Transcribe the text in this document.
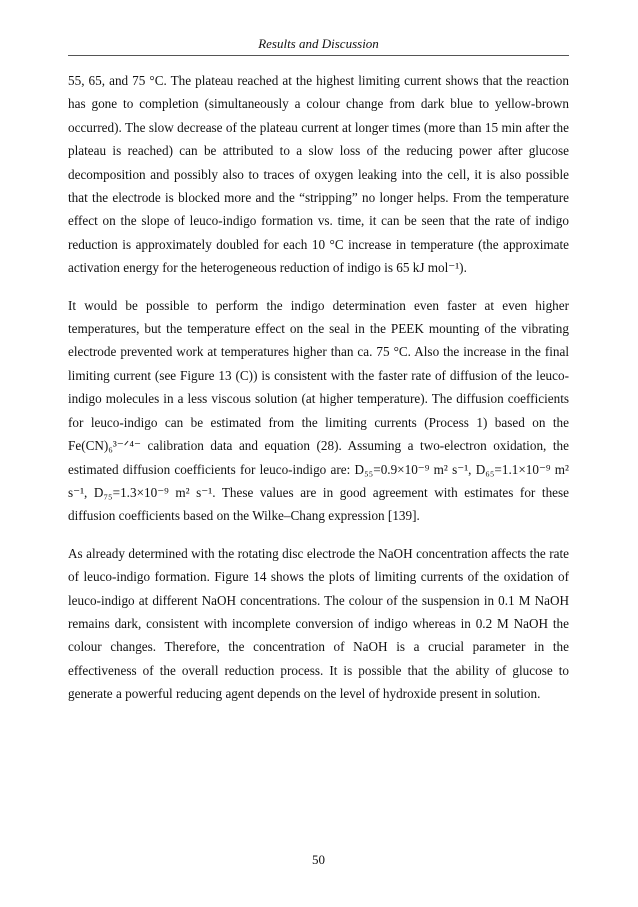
Results and Discussion

55, 65, and 75 °C. The plateau reached at the highest limiting current shows that the reaction has gone to completion (simultaneously a colour change from dark blue to yellow-brown occurred). The slow decrease of the plateau current at longer times (more than 15 min after the plateau is reached) can be attributed to a slow loss of the reducing power after glucose decomposition and possibly also to traces of oxygen leaking into the cell, it is also possible that the electrode is blocked more and the “stripping” no longer helps. From the temperature effect on the slope of leuco-indigo formation vs. time, it can be seen that the rate of indigo reduction is approximately doubled for each 10 °C increase in temperature (the approximate activation energy for the heterogeneous reduction of indigo is 65 kJ mol⁻¹).

It would be possible to perform the indigo determination even faster at even higher temperatures, but the temperature effect on the seal in the PEEK mounting of the vibrating electrode prevented work at temperatures higher than ca. 75 °C. Also the increase in the final limiting current (see Figure 13 (C)) is consistent with the faster rate of diffusion of the leuco-indigo molecules in a less viscous solution (at higher temperature). The diffusion coefficients for leuco-indigo can be estimated from the limiting currents (Process 1) based on the Fe(CN)₆³⁻ᐟ⁴⁻ calibration data and equation (28). Assuming a two-electron oxidation, the estimated diffusion coefficients for leuco-indigo are: D₅₅=0.9×10⁻⁹ m² s⁻¹, D₆₅=1.1×10⁻⁹ m² s⁻¹, D₇₅=1.3×10⁻⁹ m² s⁻¹. These values are in good agreement with estimates for these diffusion coefficients based on the Wilke–Chang expression [139].

As already determined with the rotating disc electrode the NaOH concentration affects the rate of leuco-indigo formation. Figure 14 shows the plots of limiting currents of the oxidation of leuco-indigo at different NaOH concentrations. The colour of the suspension in 0.1 M NaOH remains dark, consistent with incomplete conversion of indigo whereas in 0.2 M NaOH the colour changes. Therefore, the concentration of NaOH is a crucial parameter in the effectiveness of the overall reduction process. It is possible that the ability of glucose to generate a powerful reducing agent depends on the level of hydroxide present in solution.

50
